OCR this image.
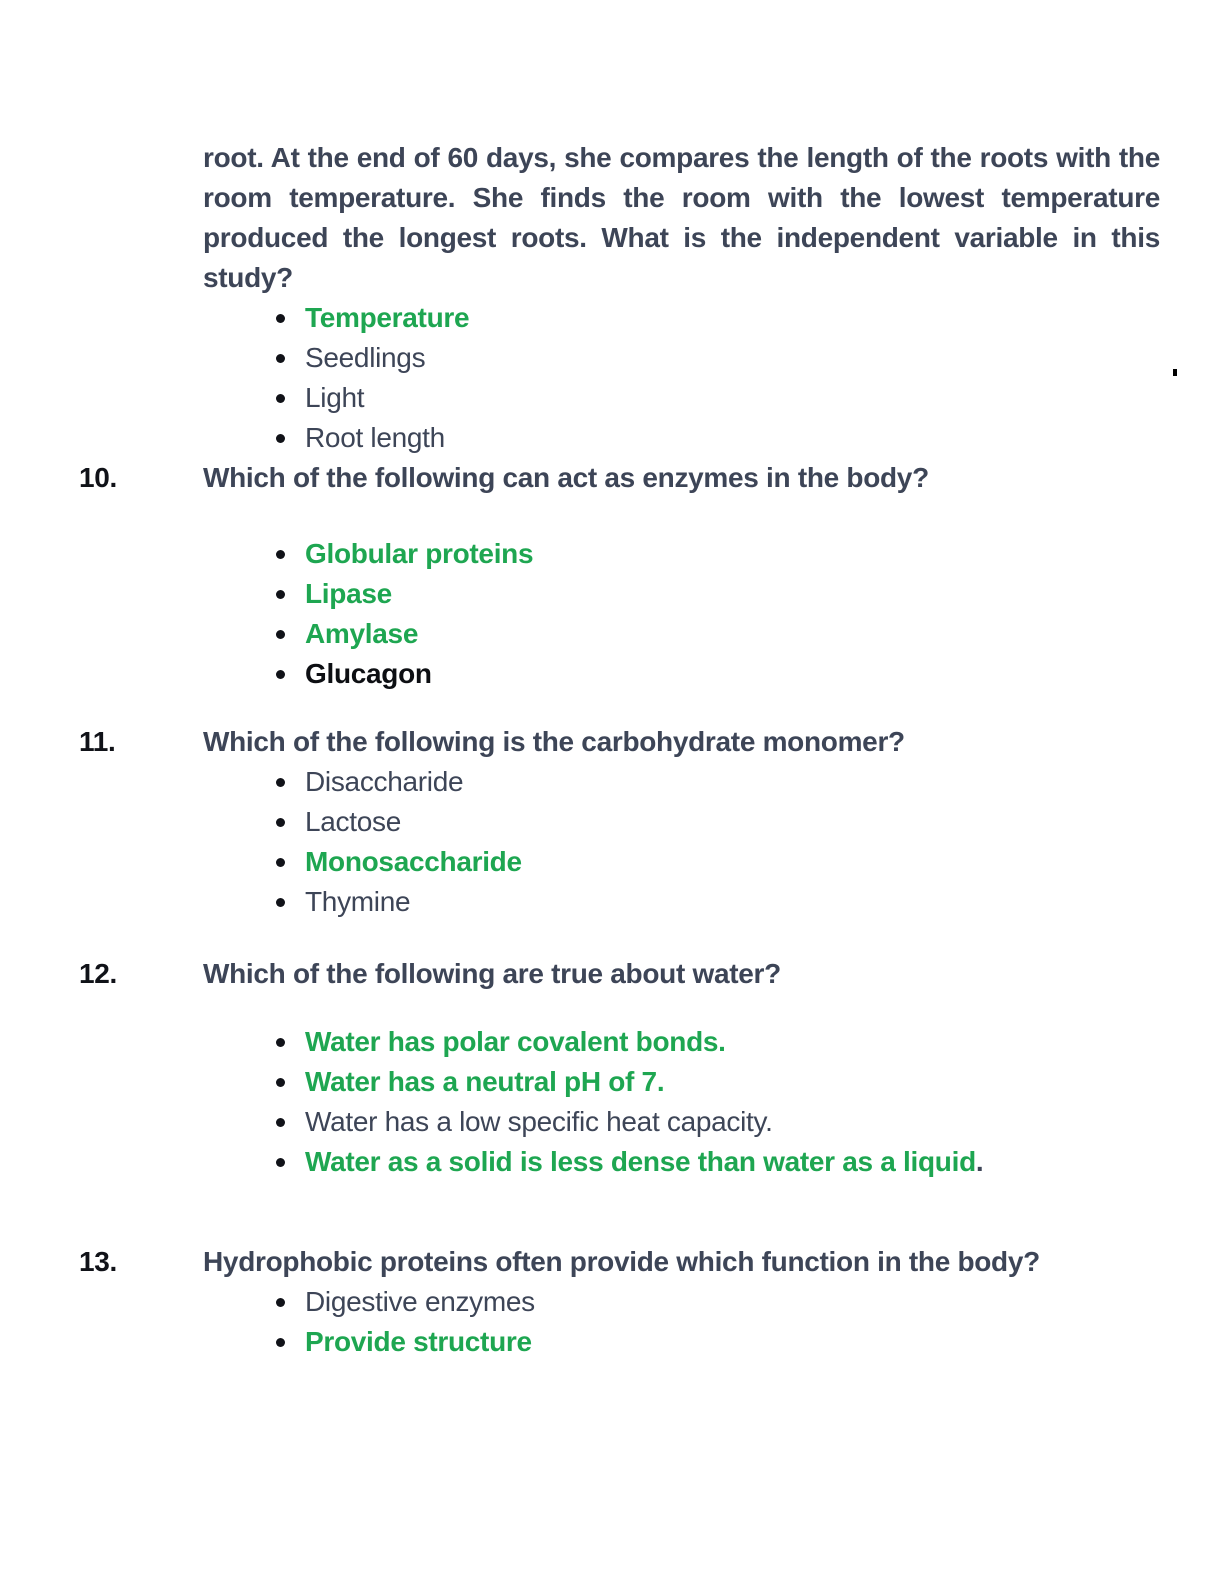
root. At the end of 60 days, she compares the length of the roots with the room temperature. She finds the room with the lowest temperature produced the longest roots. What is the independent variable in this study?

Temperature
Seedlings
Light
Root length

10.	Which of the following can act as enzymes in the body?

Globular proteins
Lipase
Amylase
Glucagon

11.	Which of the following is the carbohydrate monomer?

Disaccharide
Lactose
Monosaccharide
Thymine

12.	Which of the following are true about water?

Water has polar covalent bonds.
Water has a neutral pH of 7.
Water has a low specific heat capacity.
Water as a solid is less dense than water as a liquid.

13.	Hydrophobic proteins often provide which function in the body?

Digestive enzymes
Provide structure
